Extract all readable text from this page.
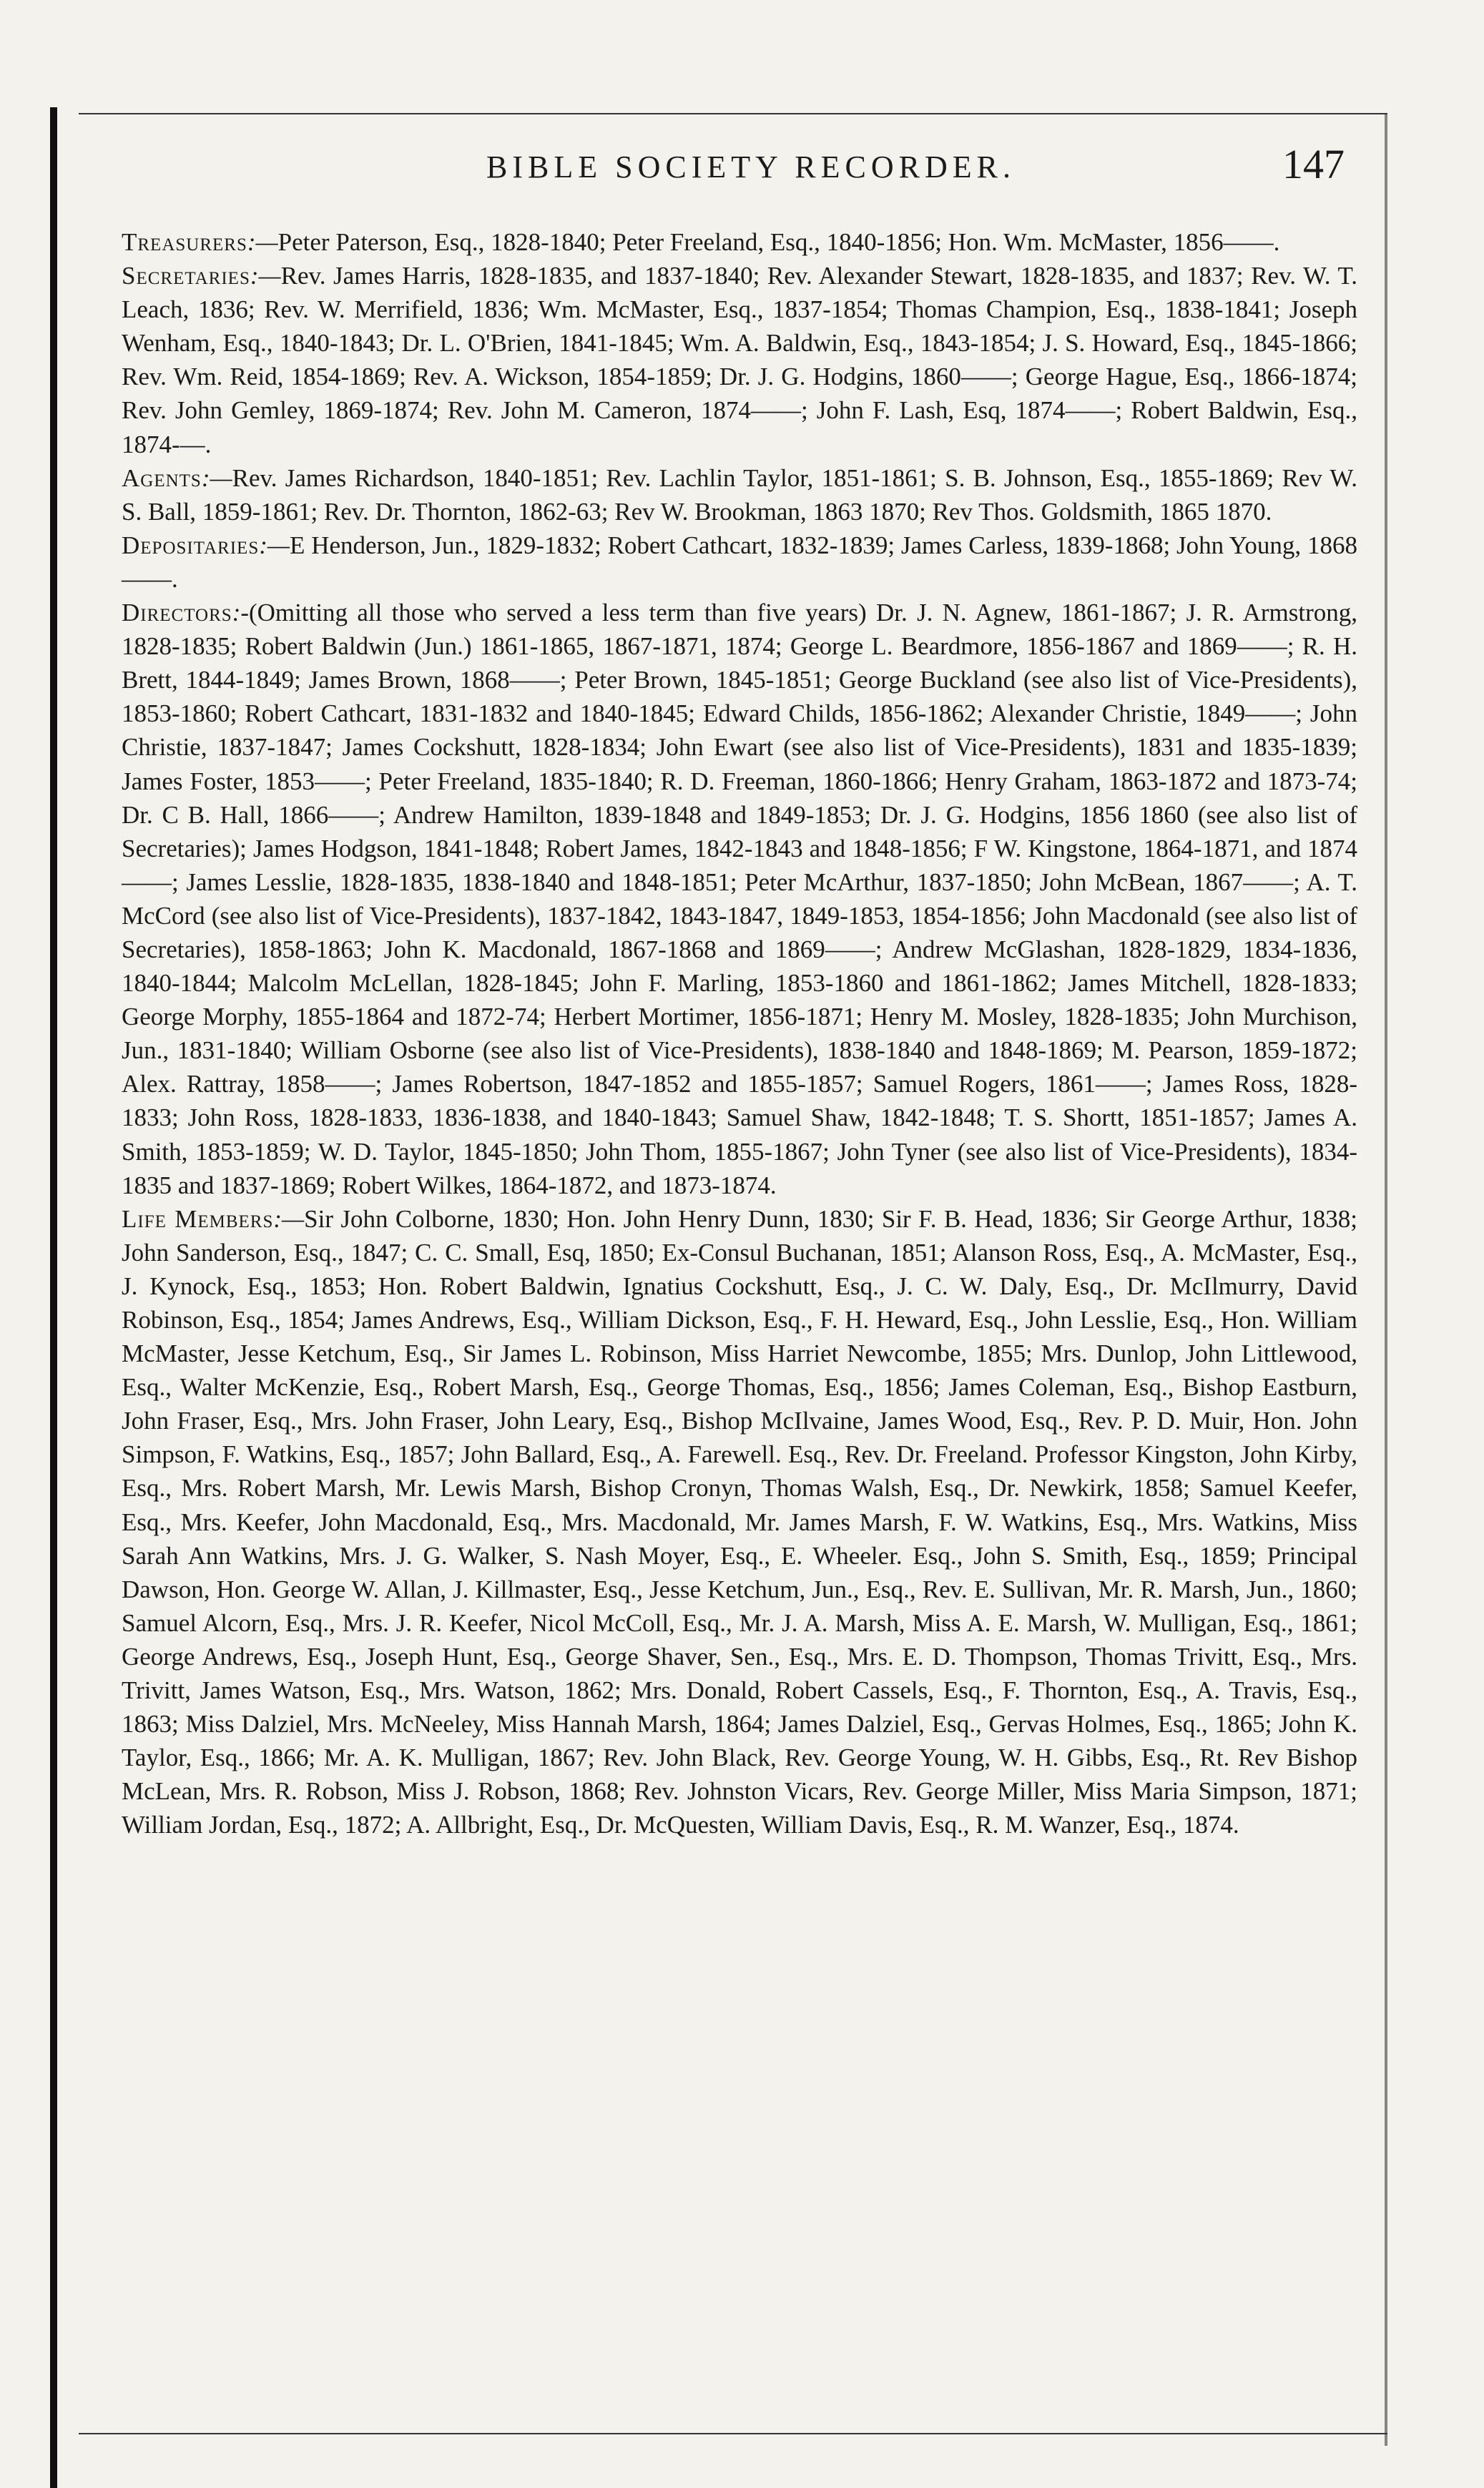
BIBLE SOCIETY RECORDER.	147

Treasurers:—Peter Paterson, Esq., 1828-1840; Peter Freeland, Esq., 1840-1856; Hon. Wm. McMaster, 1856——.

Secretaries:—Rev. James Harris, 1828-1835, and 1837-1840; Rev. Alexander Stewart, 1828-1835, and 1837; Rev. W. T. Leach, 1836; Rev. W. Merrifield, 1836; Wm. McMaster, Esq., 1837-1854; Thomas Champion, Esq., 1838-1841; Joseph Wenham, Esq., 1840-1843; Dr. L. O'Brien, 1841-1845; Wm. A. Baldwin, Esq., 1843-1854; J. S. Howard, Esq., 1845-1866; Rev. Wm. Reid, 1854-1869; Rev. A. Wickson, 1854-1859; Dr. J. G. Hodgins, 1860——; George Hague, Esq., 1866-1874; Rev. John Gemley, 1869-1874; Rev. John M. Cameron, 1874——; John F. Lash, Esq, 1874——; Robert Baldwin, Esq., 1874-—.

Agents:—Rev. James Richardson, 1840-1851; Rev. Lachlin Taylor, 1851-1861; S. B. Johnson, Esq., 1855-1869; Rev W. S. Ball, 1859-1861; Rev. Dr. Thornton, 1862-63; Rev W. Brookman, 1863 1870; Rev Thos. Goldsmith, 1865 1870.

Depositaries:—E Henderson, Jun., 1829-1832; Robert Cathcart, 1832-1839; James Carless, 1839-1868; John Young, 1868——.

Directors:-(Omitting all those who served a less term than five years) Dr. J. N. Agnew, 1861-1867; J. R. Armstrong, 1828-1835; Robert Baldwin (Jun.) 1861-1865, 1867-1871, 1874; George L. Beardmore, 1856-1867 and 1869——; R. H. Brett, 1844-1849; James Brown, 1868——; Peter Brown, 1845-1851; George Buckland (see also list of Vice-Presidents), 1853-1860; Robert Cathcart, 1831-1832 and 1840-1845; Edward Childs, 1856-1862; Alexander Christie, 1849——; John Christie, 1837-1847; James Cockshutt, 1828-1834; John Ewart (see also list of Vice-Presidents), 1831 and 1835-1839; James Foster, 1853——; Peter Freeland, 1835-1840; R. D. Freeman, 1860-1866; Henry Graham, 1863-1872 and 1873-74; Dr. C B. Hall, 1866——; Andrew Hamilton, 1839-1848 and 1849-1853; Dr. J. G. Hodgins, 1856 1860 (see also list of Secretaries); James Hodgson, 1841-1848; Robert James, 1842-1843 and 1848-1856; F W. Kingstone, 1864-1871, and 1874——; James Lesslie, 1828-1835, 1838-1840 and 1848-1851; Peter McArthur, 1837-1850; John McBean, 1867——; A. T. McCord (see also list of Vice-Presidents), 1837-1842, 1843-1847, 1849-1853, 1854-1856; John Macdonald (see also list of Secretaries), 1858-1863; John K. Macdonald, 1867-1868 and 1869——; Andrew McGlashan, 1828-1829, 1834-1836, 1840-1844; Malcolm McLellan, 1828-1845; John F. Marling, 1853-1860 and 1861-1862; James Mitchell, 1828-1833; George Morphy, 1855-1864 and 1872-74; Herbert Mortimer, 1856-1871; Henry M. Mosley, 1828-1835; John Murchison, Jun., 1831-1840; William Osborne (see also list of Vice-Presidents), 1838-1840 and 1848-1869; M. Pearson, 1859-1872; Alex. Rattray, 1858——; James Robertson, 1847-1852 and 1855-1857; Samuel Rogers, 1861——; James Ross, 1828-1833; John Ross, 1828-1833, 1836-1838, and 1840-1843; Samuel Shaw, 1842-1848; T. S. Shortt, 1851-1857; James A. Smith, 1853-1859; W. D. Taylor, 1845-1850; John Thom, 1855-1867; John Tyner (see also list of Vice-Presidents), 1834-1835 and 1837-1869; Robert Wilkes, 1864-1872, and 1873-1874.

Life Members:—Sir John Colborne, 1830; Hon. John Henry Dunn, 1830; Sir F. B. Head, 1836; Sir George Arthur, 1838; John Sanderson, Esq., 1847; C. C. Small, Esq, 1850; Ex-Consul Buchanan, 1851; Alanson Ross, Esq., A. McMaster, Esq., J. Kynock, Esq., 1853; Hon. Robert Baldwin, Ignatius Cockshutt, Esq., J. C. W. Daly, Esq., Dr. McIlmurry, David Robinson, Esq., 1854; James Andrews, Esq., William Dickson, Esq., F. H. Heward, Esq., John Lesslie, Esq., Hon. William McMaster, Jesse Ketchum, Esq., Sir James L. Robinson, Miss Harriet Newcombe, 1855; Mrs. Dunlop, John Littlewood, Esq., Walter McKenzie, Esq., Robert Marsh, Esq., George Thomas, Esq., 1856; James Coleman, Esq., Bishop Eastburn, John Fraser, Esq., Mrs. John Fraser, John Leary, Esq., Bishop McIlvaine, James Wood, Esq., Rev. P. D. Muir, Hon. John Simpson, F. Watkins, Esq., 1857; John Ballard, Esq., A. Farewell. Esq., Rev. Dr. Freeland. Professor Kingston, John Kirby, Esq., Mrs. Robert Marsh, Mr. Lewis Marsh, Bishop Cronyn, Thomas Walsh, Esq., Dr. Newkirk, 1858; Samuel Keefer, Esq., Mrs. Keefer, John Macdonald, Esq., Mrs. Macdonald, Mr. James Marsh, F. W. Watkins, Esq., Mrs. Watkins, Miss Sarah Ann Watkins, Mrs. J. G. Walker, S. Nash Moyer, Esq., E. Wheeler. Esq., John S. Smith, Esq., 1859; Principal Dawson, Hon. George W. Allan, J. Killmaster, Esq., Jesse Ketchum, Jun., Esq., Rev. E. Sullivan, Mr. R. Marsh, Jun., 1860; Samuel Alcorn, Esq., Mrs. J. R. Keefer, Nicol McColl, Esq., Mr. J. A. Marsh, Miss A. E. Marsh, W. Mulligan, Esq., 1861; George Andrews, Esq., Joseph Hunt, Esq., George Shaver, Sen., Esq., Mrs. E. D. Thompson, Thomas Trivitt, Esq., Mrs. Trivitt, James Watson, Esq., Mrs. Watson, 1862; Mrs. Donald, Robert Cassels, Esq., F. Thornton, Esq., A. Travis, Esq., 1863; Miss Dalziel, Mrs. McNeeley, Miss Hannah Marsh, 1864; James Dalziel, Esq., Gervas Holmes, Esq., 1865; John K. Taylor, Esq., 1866; Mr. A. K. Mulligan, 1867; Rev. John Black, Rev. George Young, W. H. Gibbs, Esq., Rt. Rev Bishop McLean, Mrs. R. Robson, Miss J. Robson, 1868; Rev. Johnston Vicars, Rev. George Miller, Miss Maria Simpson, 1871; William Jordan, Esq., 1872; A. Allbright, Esq., Dr. McQuesten, William Davis, Esq., R. M. Wanzer, Esq., 1874.
